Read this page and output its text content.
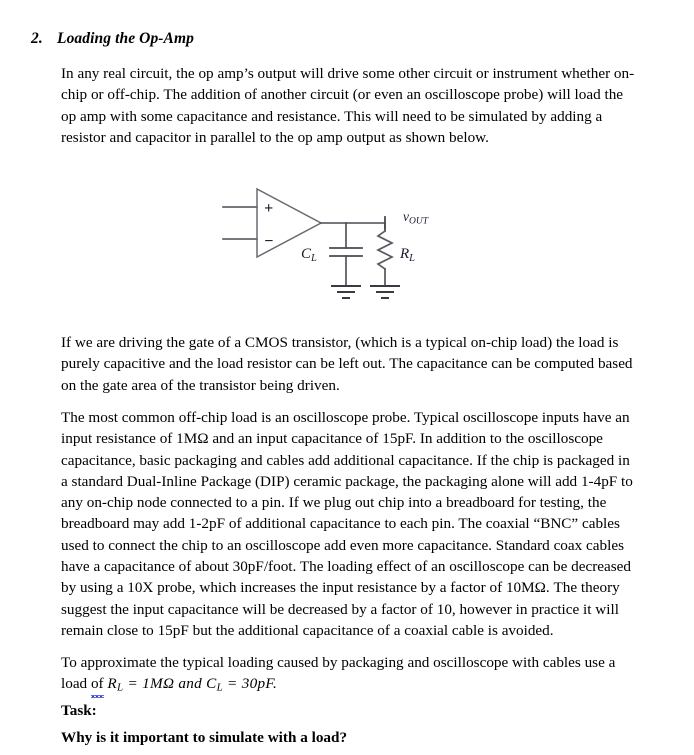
2. Loading the Op-Amp
In any real circuit, the op amp’s output will drive some other circuit or instrument whether on-chip or off-chip. The addition of another circuit (or even an oscilloscope probe) will load the op amp with some capacitance and resistance. This will need to be simulated by adding a resistor and capacitor in parallel to the op amp output as shown below.
+
−
$C_L$	$R_L$
vOUT
If we are driving the gate of a CMOS transistor, (which is a typical on-chip load) the load is purely capacitive and the load resistor can be left out. The capacitance can be computed based on the gate area of the transistor being driven.
The most common off-chip load is an oscilloscope probe. Typical oscilloscope inputs have an input resistance of 1MΩ and an input capacitance of 15pF. In addition to the oscilloscope capacitance, basic packaging and cables add additional capacitance. If the chip is packaged in a standard Dual-Inline Package (DIP) ceramic package, the packaging alone will add 1-4pF to any on-chip node connected to a pin. If we plug out chip into a breadboard for testing, the breadboard may add 1-2pF of additional capacitance to each pin. The coaxial “BNC” cables used to connect the chip to an oscilloscope add even more capacitance. Standard coax cables have a capacitance of about 30pF/foot. The loading effect of an oscilloscope can be decreased by using a 10X probe, which increases the input resistance by a factor of 10MΩ. The theory suggest the input capacitance will be decreased by a factor of 10, however in practice it will remain close to 15pF but the additional capacitance of a coaxial cable is avoided.
To approximate the typical loading caused by packaging and oscilloscope with cables use a load of $R_L = 1M\Omega$ and $C_L = 30pF$.
Task:
Why is it important to simulate with a load?
